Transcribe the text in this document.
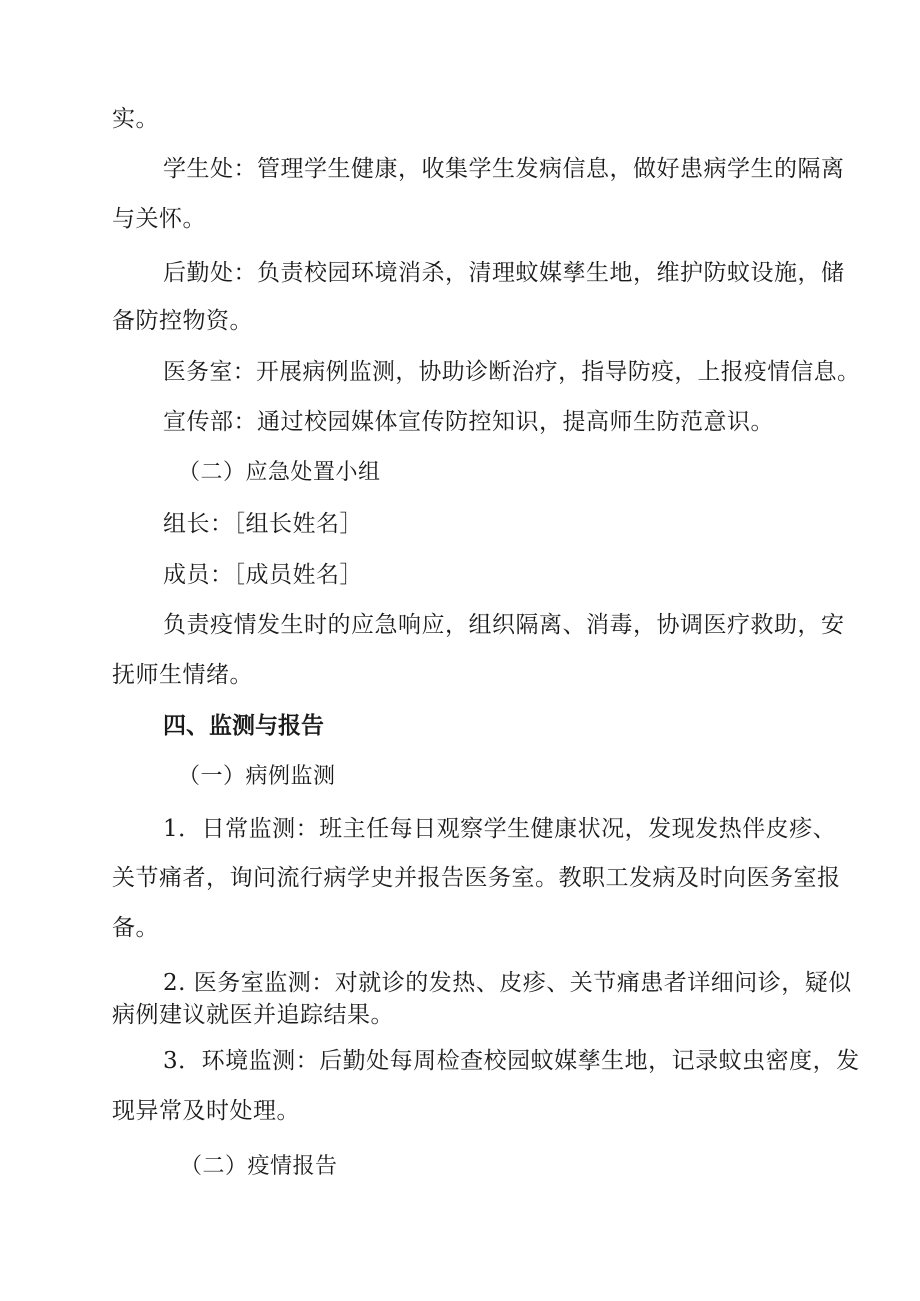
实。
学生处：管理学生健康，收集学生发病信息，做好患病学生的隔离
与关怀。
后勤处：负责校园环境消杀，清理蚊媒孳生地，维护防蚊设施，储
备防控物资。
医务室：开展病例监测，协助诊断治疗，指导防疫，上报疫情信息。
宣传部：通过校园媒体宣传防控知识，提高师生防范意识。
（二）应急处置小组
组长：［组长姓名］
成员：［成员姓名］
负责疫情发生时的应急响应，组织隔离、消毒，协调医疗救助，安
抚师生情绪。
四、监测与报告
（一）病例监测
1．日常监测：班主任每日观察学生健康状况，发现发热伴皮疹、
关节痛者，询问流行病学史并报告医务室。教职工发病及时向医务室报
备。
2. 医务室监测：对就诊的发热、皮疹、关节痛患者详细问诊，疑似
病例建议就医并追踪结果。
3．环境监测：后勤处每周检查校园蚊媒孳生地，记录蚊虫密度，发
现异常及时处理。
（二）疫情报告
